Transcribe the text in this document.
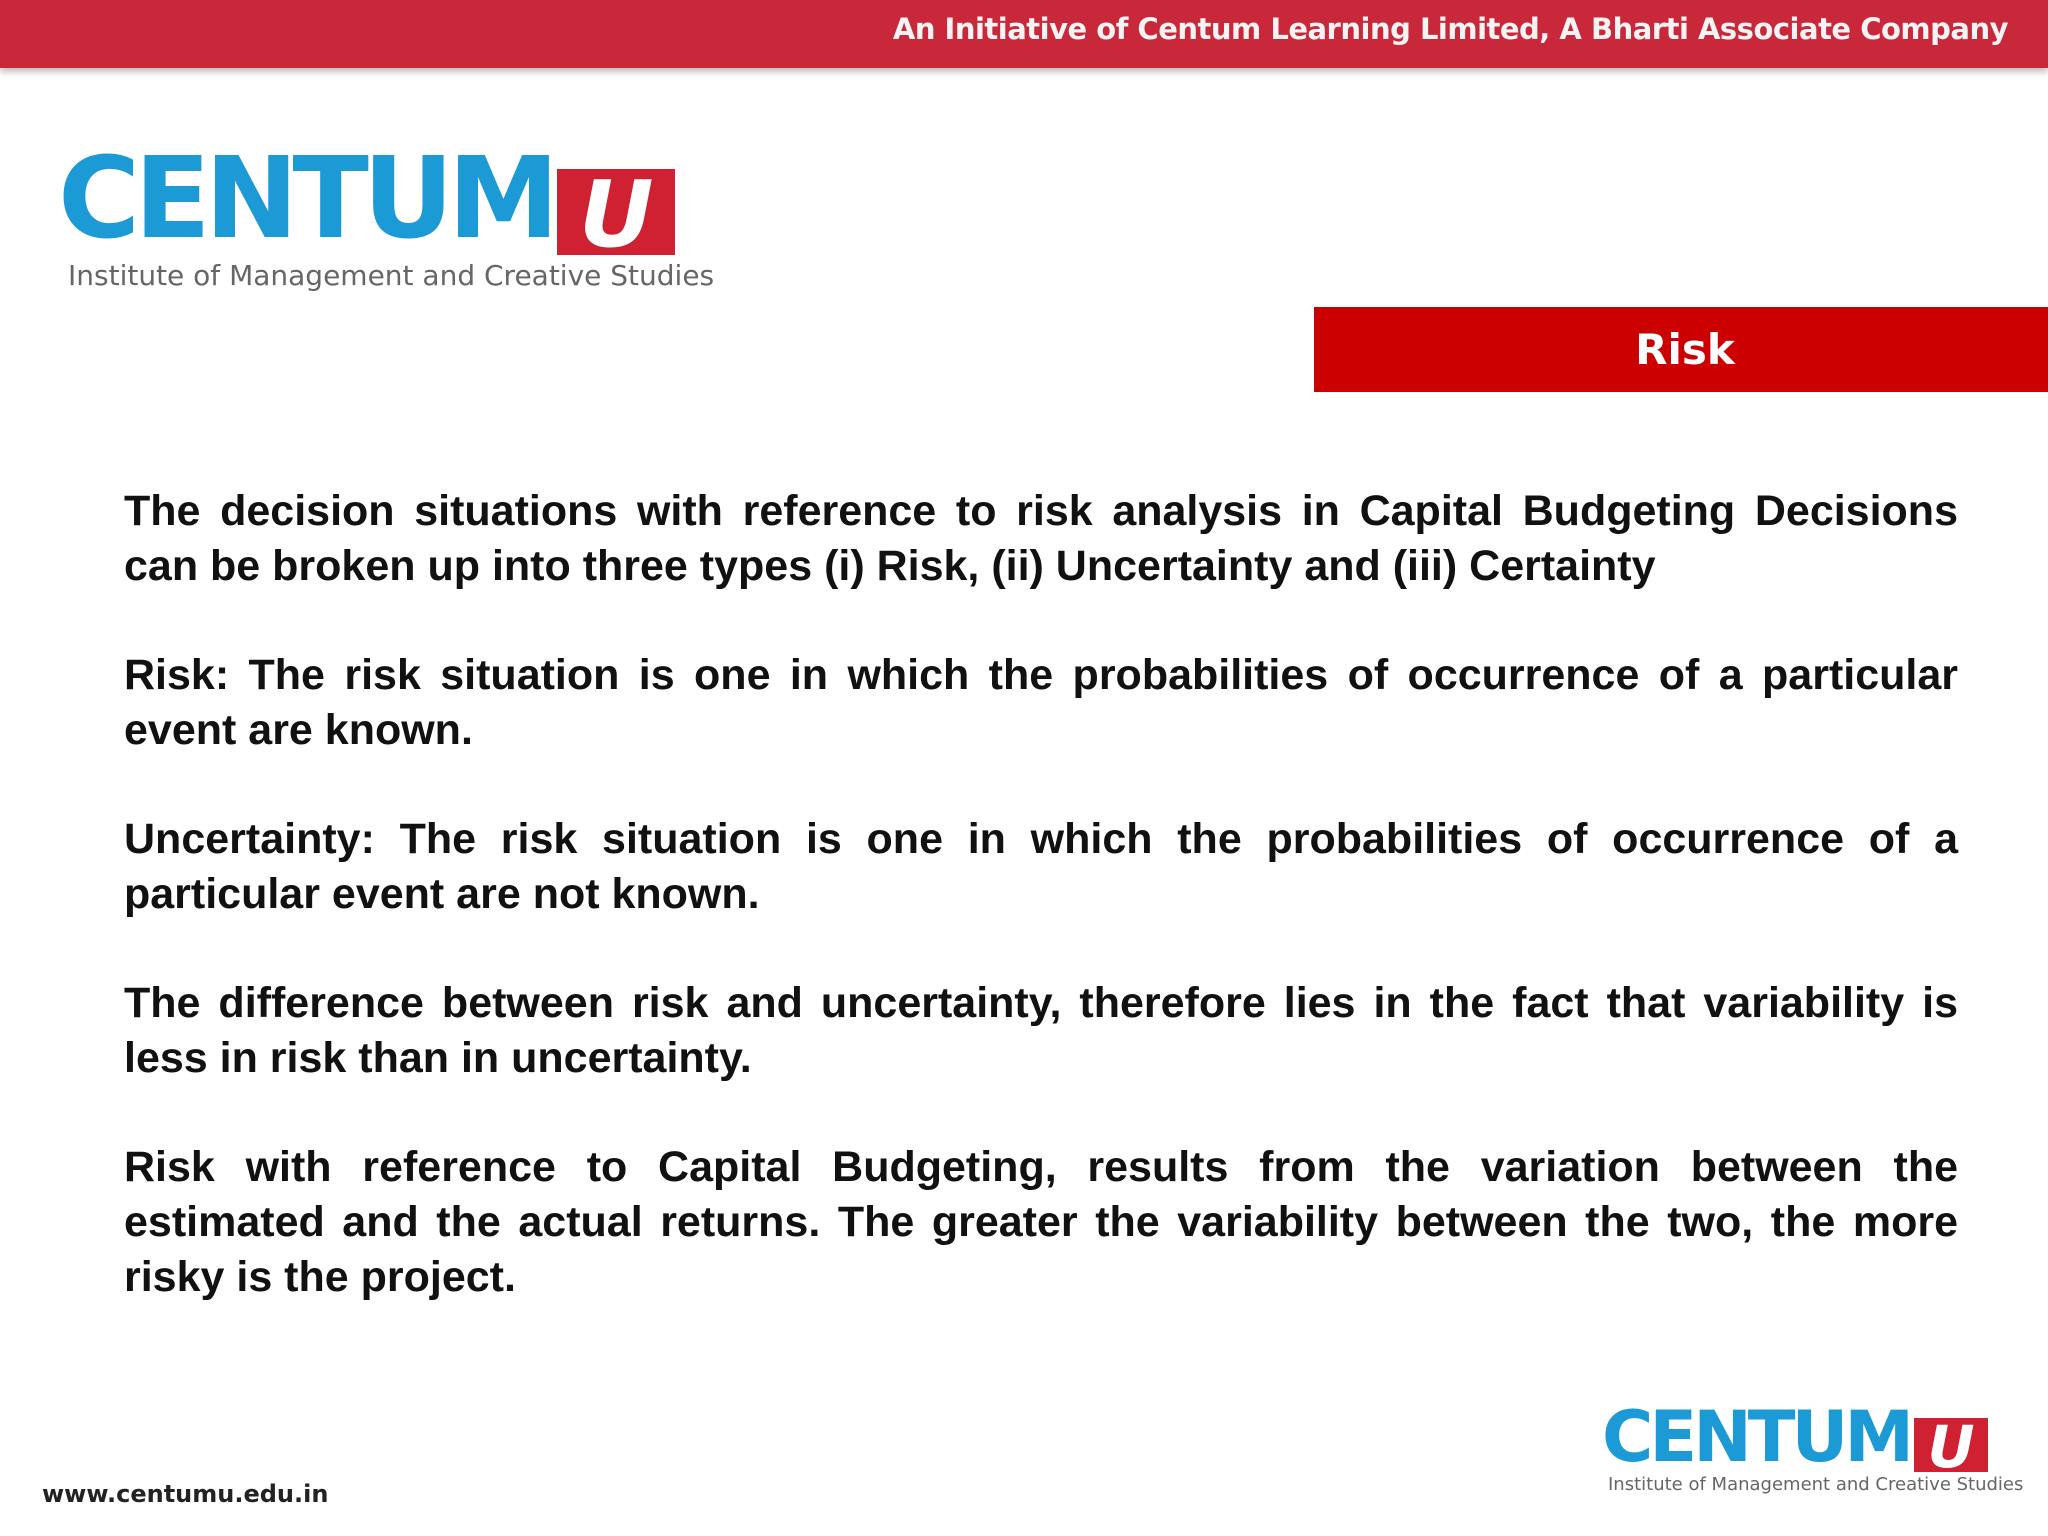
An Initiative of Centum Learning Limited, A Bharti Associate Company
CENTUM U
Institute of Management and Creative Studies
Risk

The decision situations with reference to risk analysis in Capital Budgeting Decisions can be broken up into three types (i) Risk, (ii) Uncertainty and (iii) Certainty

Risk: The risk situation is one in which the probabilities of occurrence of a particular event are known.

Uncertainty: The risk situation is one in which the probabilities of occurrence of a particular event are not known.

The difference between risk and uncertainty, therefore lies in the fact that variability is less in risk than in uncertainty.

Risk with reference to Capital Budgeting, results from the variation between the estimated and the actual returns. The greater the variability between the two, the more risky is the project.

www.centumu.edu.in
CENTUM U
Institute of Management and Creative Studies
